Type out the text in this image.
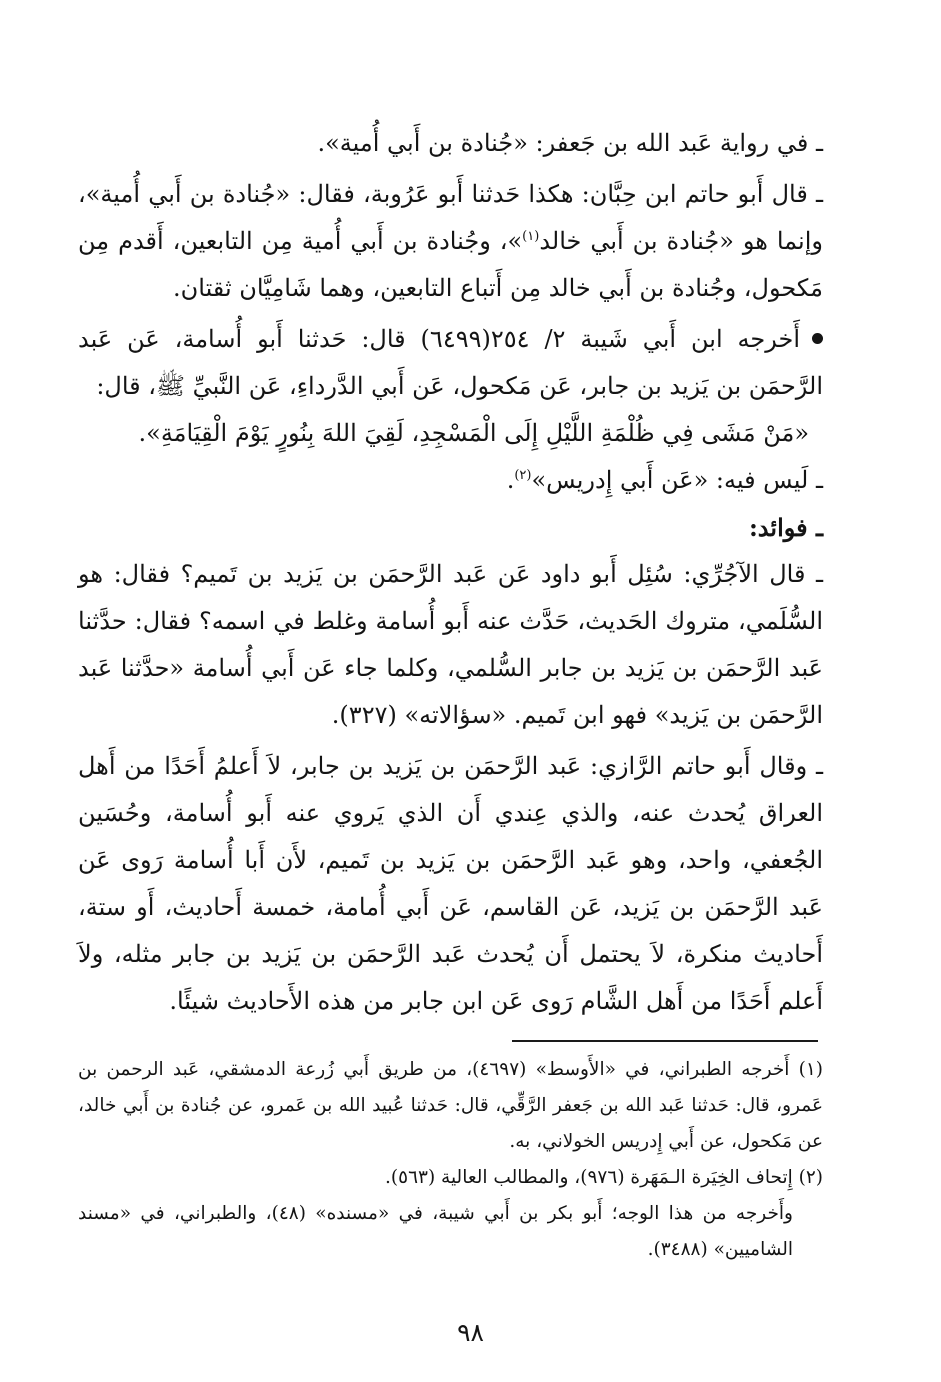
ـ في رواية عَبد الله بن جَعفر: «جُنادة بن أَبي أُمية».

ـ قال أَبو حاتم ابن حِبَّان: هكذا حَدثنا أَبو عَرُوبة، فقال: «جُنادة بن أَبي أُمية»، وإنما هو «جُنادة بن أَبي خالد$^{(١)}$»، وجُنادة بن أَبي أُمية مِن التابعين، أَقدم مِن مَكحول، وجُنادة بن أَبي خالد مِن أَتباع التابعين، وهما شَامِيَّان ثقتان.

أَخرجه ابن أَبي شَيبة ٢/ ٢٥٤(٦٤٩٩) قال: حَدثنا أَبو أُسامة، عَن عَبد الرَّحمَن بن يَزيد بن جابر، عَن مَكحول، عَن أَبي الدَّرداءِ، عَن النَّبيِّ ﷺ، قال:

«مَنْ مَشَى فِي ظُلْمَةِ اللَّيْلِ إِلَى الْمَسْجِدِ، لَقِيَ اللهَ بِنُورٍ يَوْمَ الْقِيَامَةِ».

ـ لَيس فيه: «عَن أَبي إِدريس»$^{(٢)}$.

ـ فوائد:

ـ قال الآجُرِّي: سُئِل أَبو داود عَن عَبد الرَّحمَن بن يَزيد بن تَميم؟ فقال: هو السُّلَمي، متروك الحَديث، حَدَّث عنه أَبو أُسامة وغلط في اسمه؟ فقال: حدَّثنا عَبد الرَّحمَن بن يَزيد بن جابر السُّلمي، وكلما جاء عَن أَبي أُسامة «حدَّثنا عَبد الرَّحمَن بن يَزيد» فهو ابن تَميم. «سؤالاته» (٣٢٧).

ـ وقال أَبو حاتم الرَّازي: عَبد الرَّحمَن بن يَزيد بن جابر، لاَ أَعلمُ أَحَدًا من أَهل العراق يُحدث عنه، والذي عِندي أَن الذي يَروي عنه أَبو أُسامة، وحُسَين الجُعفي، واحد، وهو عَبد الرَّحمَن بن يَزيد بن تَميم، لأَن أَبا أُسامة رَوى عَن عَبد الرَّحمَن بن يَزيد، عَن القاسم، عَن أَبي أُمامة، خمسة أَحاديث، أَو ستة، أَحاديث منكرة، لاَ يحتمل أَن يُحدث عَبد الرَّحمَن بن يَزيد بن جابر مثله، ولاَ أَعلم أَحَدًا من أَهل الشَّام رَوى عَن ابن جابر من هذه الأَحاديث شيئًا.

(١) أَخرجه الطبراني، في «الأَوسط» (٤٦٩٧)، من طريق أَبي زُرعة الدمشقي، عَبد الرحمن بن عَمرو، قال: حَدثنا عَبد الله بن جَعفر الرَّقِّي، قال: حَدثنا عُبيد الله بن عَمرو، عن جُنادة بن أَبي خالد، عن مَكحول، عن أَبي إِدريس الخولاني، به.

(٢) إِتحاف الخِيَرة الـمَهَرة (٩٧٦)، والمطالب العالية (٥٦٣).

وأَخرجه من هذا الوجه؛ أَبو بكر بن أَبي شيبة، في «مسنده» (٤٨)، والطبراني، في «مسند الشاميين» (٣٤٨٨).

٩٨
